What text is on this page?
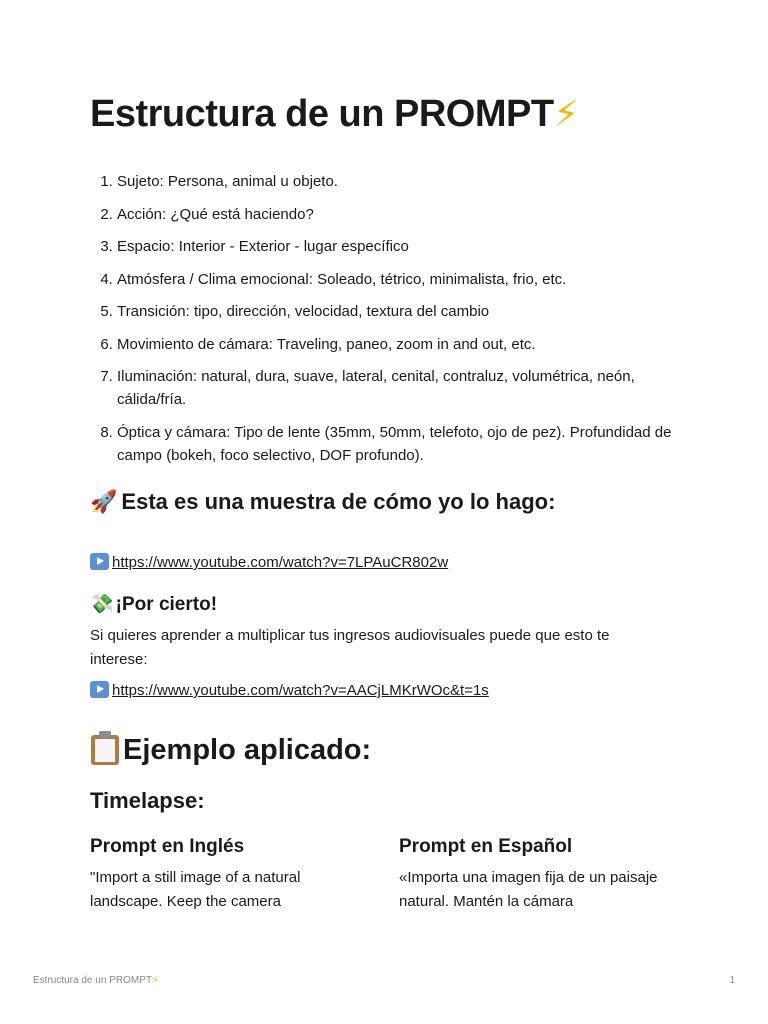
Estructura de un PROMPT⚡
1. Sujeto: Persona, animal u objeto.
2. Acción: ¿Qué está haciendo?
3. Espacio: Interior - Exterior - lugar específico
4. Atmósfera / Clima emocional: Soleado, tétrico, minimalista, frio, etc.
5. Transición: tipo, dirección, velocidad, textura del cambio
6. Movimiento de cámara: Traveling, paneo, zoom in and out, etc.
7. Iluminación: natural, dura, suave, lateral, cenital, contraluz, volumétrica, neón, cálida/fría.
8. Óptica y cámara: Tipo de lente (35mm, 50mm, telefoto, ojo de pez). Profundidad de campo (bokeh, foco selectivo, DOF profundo).
🚀 Esta es una muestra de cómo yo lo hago:
https://www.youtube.com/watch?v=7LPAuCR802w
💸 ¡Por cierto!
Si quieres aprender a multiplicar tus ingresos audiovisuales puede que esto te interese:
https://www.youtube.com/watch?v=AACjLMKrWOc&t=1s
Ejemplo aplicado:
Timelapse:
Prompt en Inglés
"Import a still image of a natural landscape. Keep the camera
Prompt en Español
«Importa una imagen fija de un paisaje natural. Mantén la cámara
Estructura de un PROMPT⚡	1
